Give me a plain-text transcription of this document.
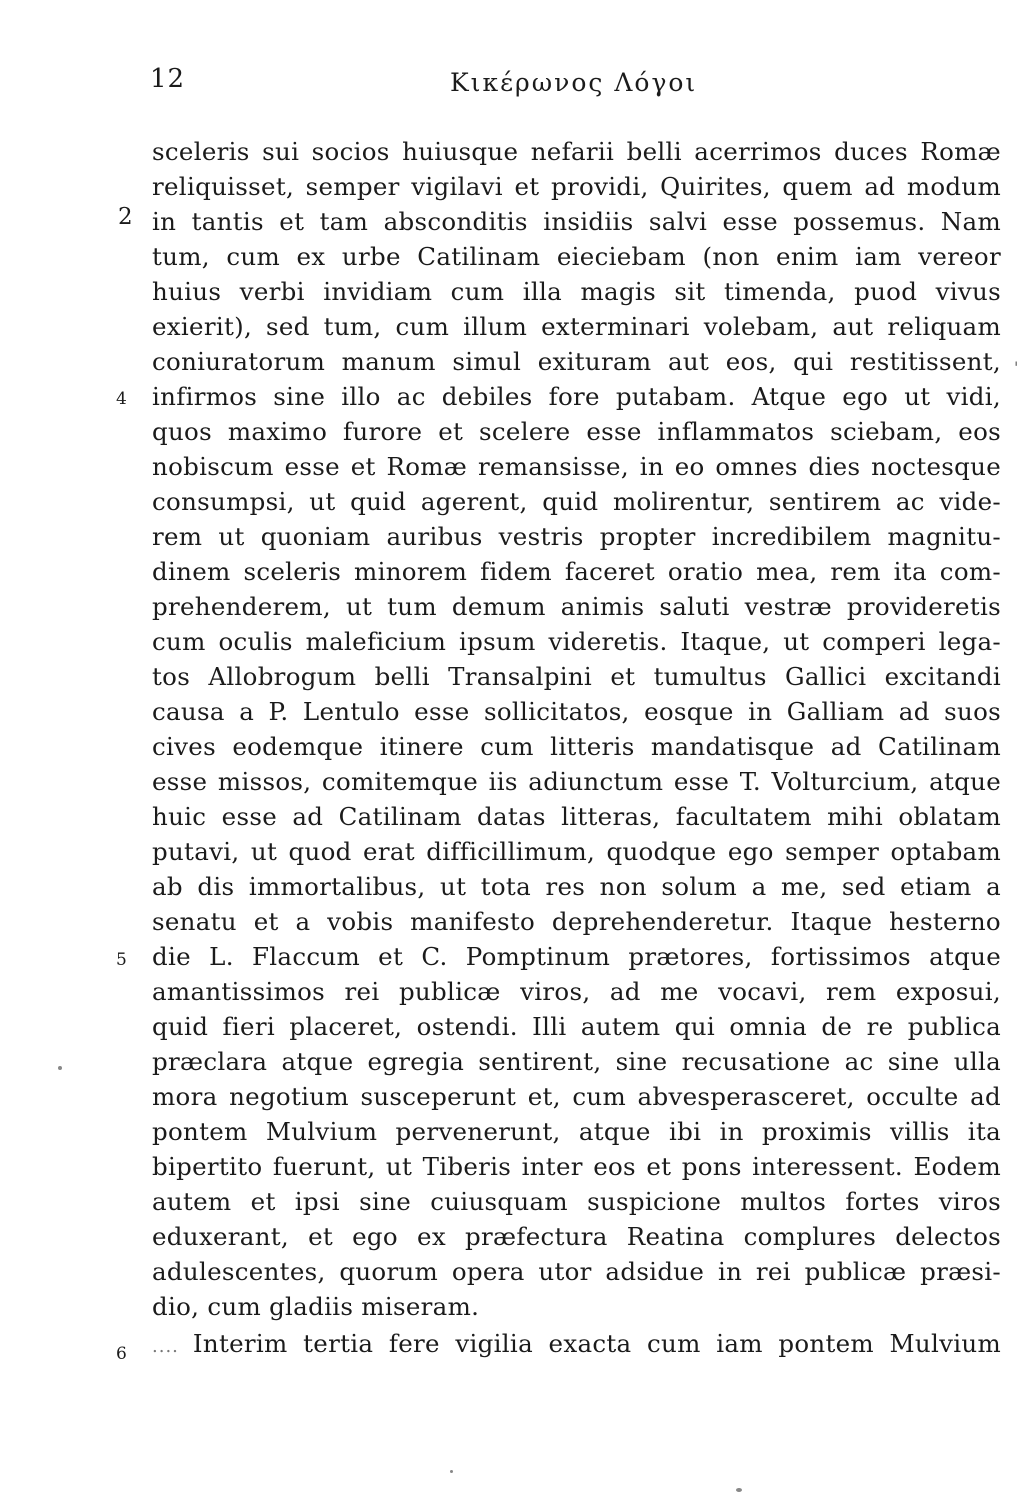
12	Κικέρωνος Λόγοι
sceleris sui socios huiusque nefarii belli acerrimos duces Romæ
reliquisset, semper vigilavi et providi, Quirites, quem ad modum
in tantis et tam absconditis insidiis salvi esse possemus. Nam
tum, cum ex urbe Catilinam eieciebam (non enim iam vereor
huius verbi invidiam cum illa magis sit timenda, puod vivus
exierit), sed tum, cum illum exterminari volebam, aut reliquam
coniuratorum manum simul exituram aut eos, qui restitissent,
infirmos sine illo ac debiles fore putabam. Atque ego ut vidi,
quos maximo furore et scelere esse inflammatos sciebam, eos
nobiscum esse et Romæ remansisse, in eo omnes dies noctesque
consumpsi, ut quid agerent, quid molirentur, sentirem ac vide-
rem ut quoniam auribus vestris propter incredibilem magnitu-
dinem sceleris minorem fidem faceret oratio mea, rem ita com-
prehenderem, ut tum demum animis saluti vestræ provideretis
cum oculis maleficium ipsum videretis. Itaque, ut comperi lega-
tos Allobrogum belli Transalpini et tumultus Gallici excitandi
causa a P. Lentulo esse sollicitatos, eosque in Galliam ad suos
cives eodemque itinere cum litteris mandatisque ad Catilinam
esse missos, comitemque iis adiunctum esse T. Volturcium, atque
huic esse ad Catilinam datas litteras, facultatem mihi oblatam
putavi, ut quod erat difficillimum, quodque ego semper optabam
ab dis immortalibus, ut tota res non solum a me, sed etiam a
senatu et a vobis manifesto deprehenderetur. Itaque hesterno
die L. Flaccum et C. Pomptinum prætores, fortissimos atque
amantissimos rei publicæ viros, ad me vocavi, rem exposui,
quid fieri placeret, ostendi. Illi autem qui omnia de re publica
præclara atque egregia sentirent, sine recusatione ac sine ulla
mora negotium susceperunt et, cum abvesperasceret, occulte ad
pontem Mulvium pervenerunt, atque ibi in proximis villis ita
bipertito fuerunt, ut Tiberis inter eos et pons interessent. Eodem
autem et ipsi sine cuiusquam suspicione multos fortes viros
eduxerant, et ego ex præfectura Reatina complures delectos
adulescentes, quorum opera utor adsidue in rei publicæ præsi-
dio, cum gladiis miseram.
.... Interim tertia fere vigilia exacta cum iam pontem Mulvium
2
4
5
6
'
